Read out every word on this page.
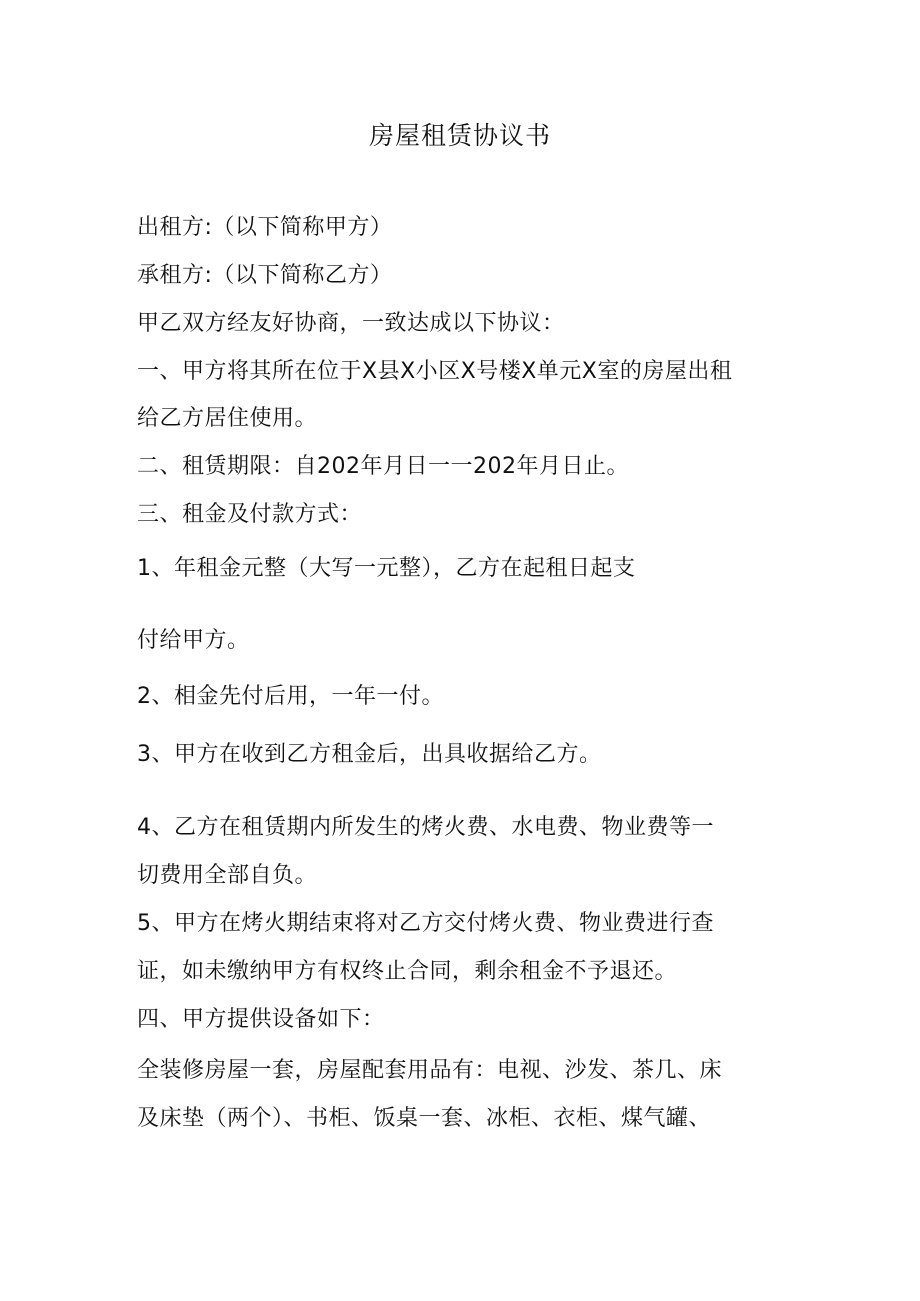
房屋租赁协议书
出租方:（以下简称甲方）
承租方:（以下简称乙方）
甲乙双方经友好协商，一致达成以下协议：
一、甲方将其所在位于X县X小区X号楼X单元X室的房屋出租
给乙方居住使用。
二、租赁期限：自202年月日一一202年月日止。
三、租金及付款方式：
1、年租金元整（大写一元整），乙方在起租日起支
付给甲方。
2、相金先付后用，一年一付。
3、甲方在收到乙方租金后，出具收据给乙方。
4、乙方在租赁期内所发生的烤火费、水电费、物业费等一
切费用全部自负。
5、甲方在烤火期结束将对乙方交付烤火费、物业费进行查
证，如未缴纳甲方有权终止合同，剩余租金不予退还。
四、甲方提供设备如下：
全装修房屋一套，房屋配套用品有：电视、沙发、茶几、床
及床垫（两个）、书柜、饭桌一套、冰柜、衣柜、煤气罐、
